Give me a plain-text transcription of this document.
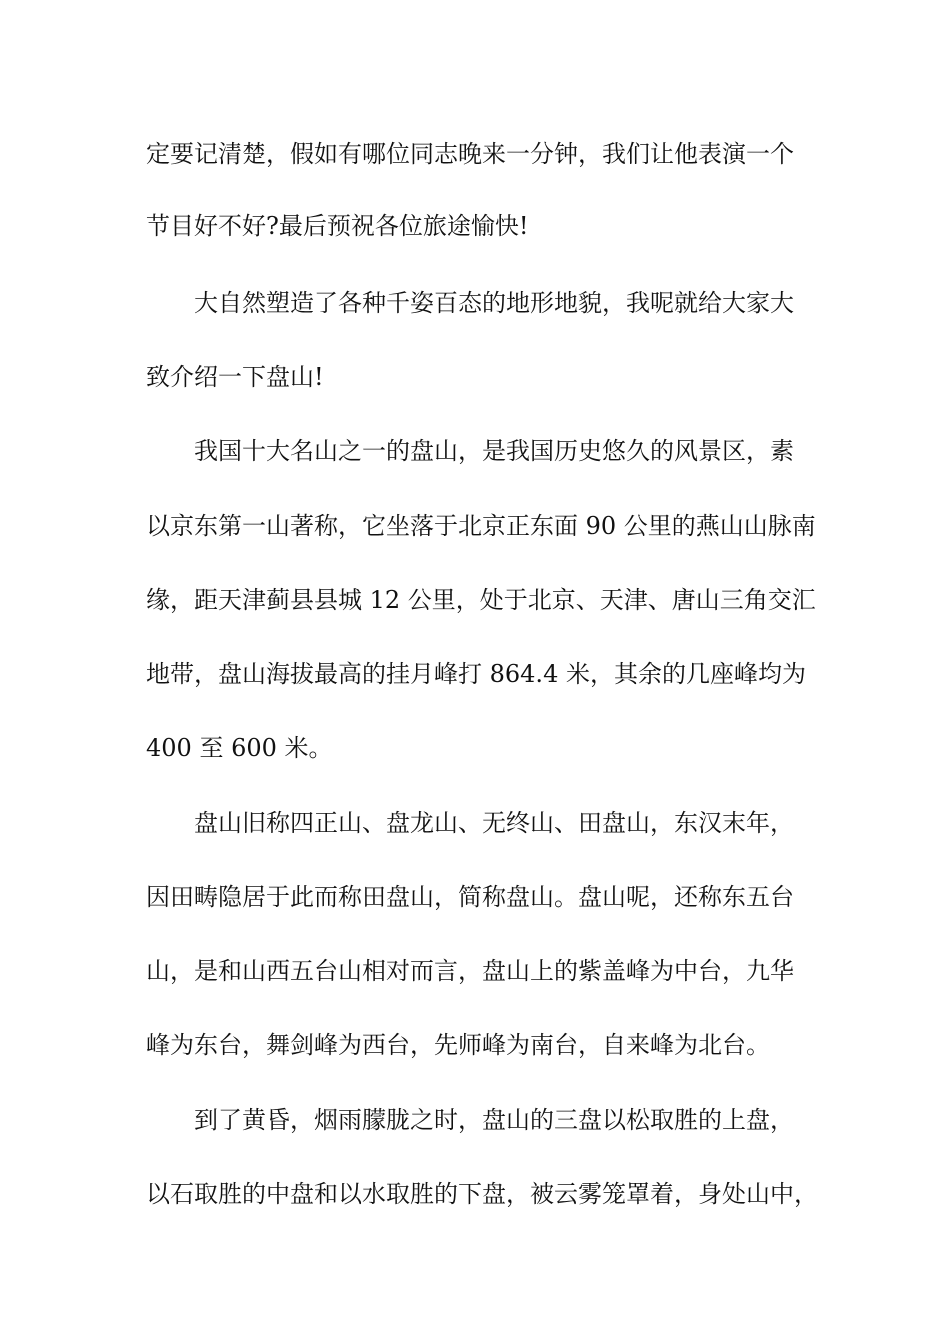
定要记清楚，假如有哪位同志晚来一分钟，我们让他表演一个
节目好不好?最后预祝各位旅途愉快!
大自然塑造了各种千姿百态的地形地貌，我呢就给大家大
致介绍一下盘山!
我国十大名山之一的盘山，是我国历史悠久的风景区，素
以京东第一山著称，它坐落于北京正东面 90 公里的燕山山脉南
缘，距天津蓟县县城 12 公里，处于北京、天津、唐山三角交汇
地带，盘山海拔最高的挂月峰打 864.4 米，其余的几座峰均为
400 至 600 米。
盘山旧称四正山、盘龙山、无终山、田盘山，东汉末年，
因田畴隐居于此而称田盘山，简称盘山。盘山呢，还称东五台
山，是和山西五台山相对而言，盘山上的紫盖峰为中台，九华
峰为东台，舞剑峰为西台，先师峰为南台，自来峰为北台。
到了黄昏，烟雨朦胧之时，盘山的三盘以松取胜的上盘，
以石取胜的中盘和以水取胜的下盘，被云雾笼罩着，身处山中，
